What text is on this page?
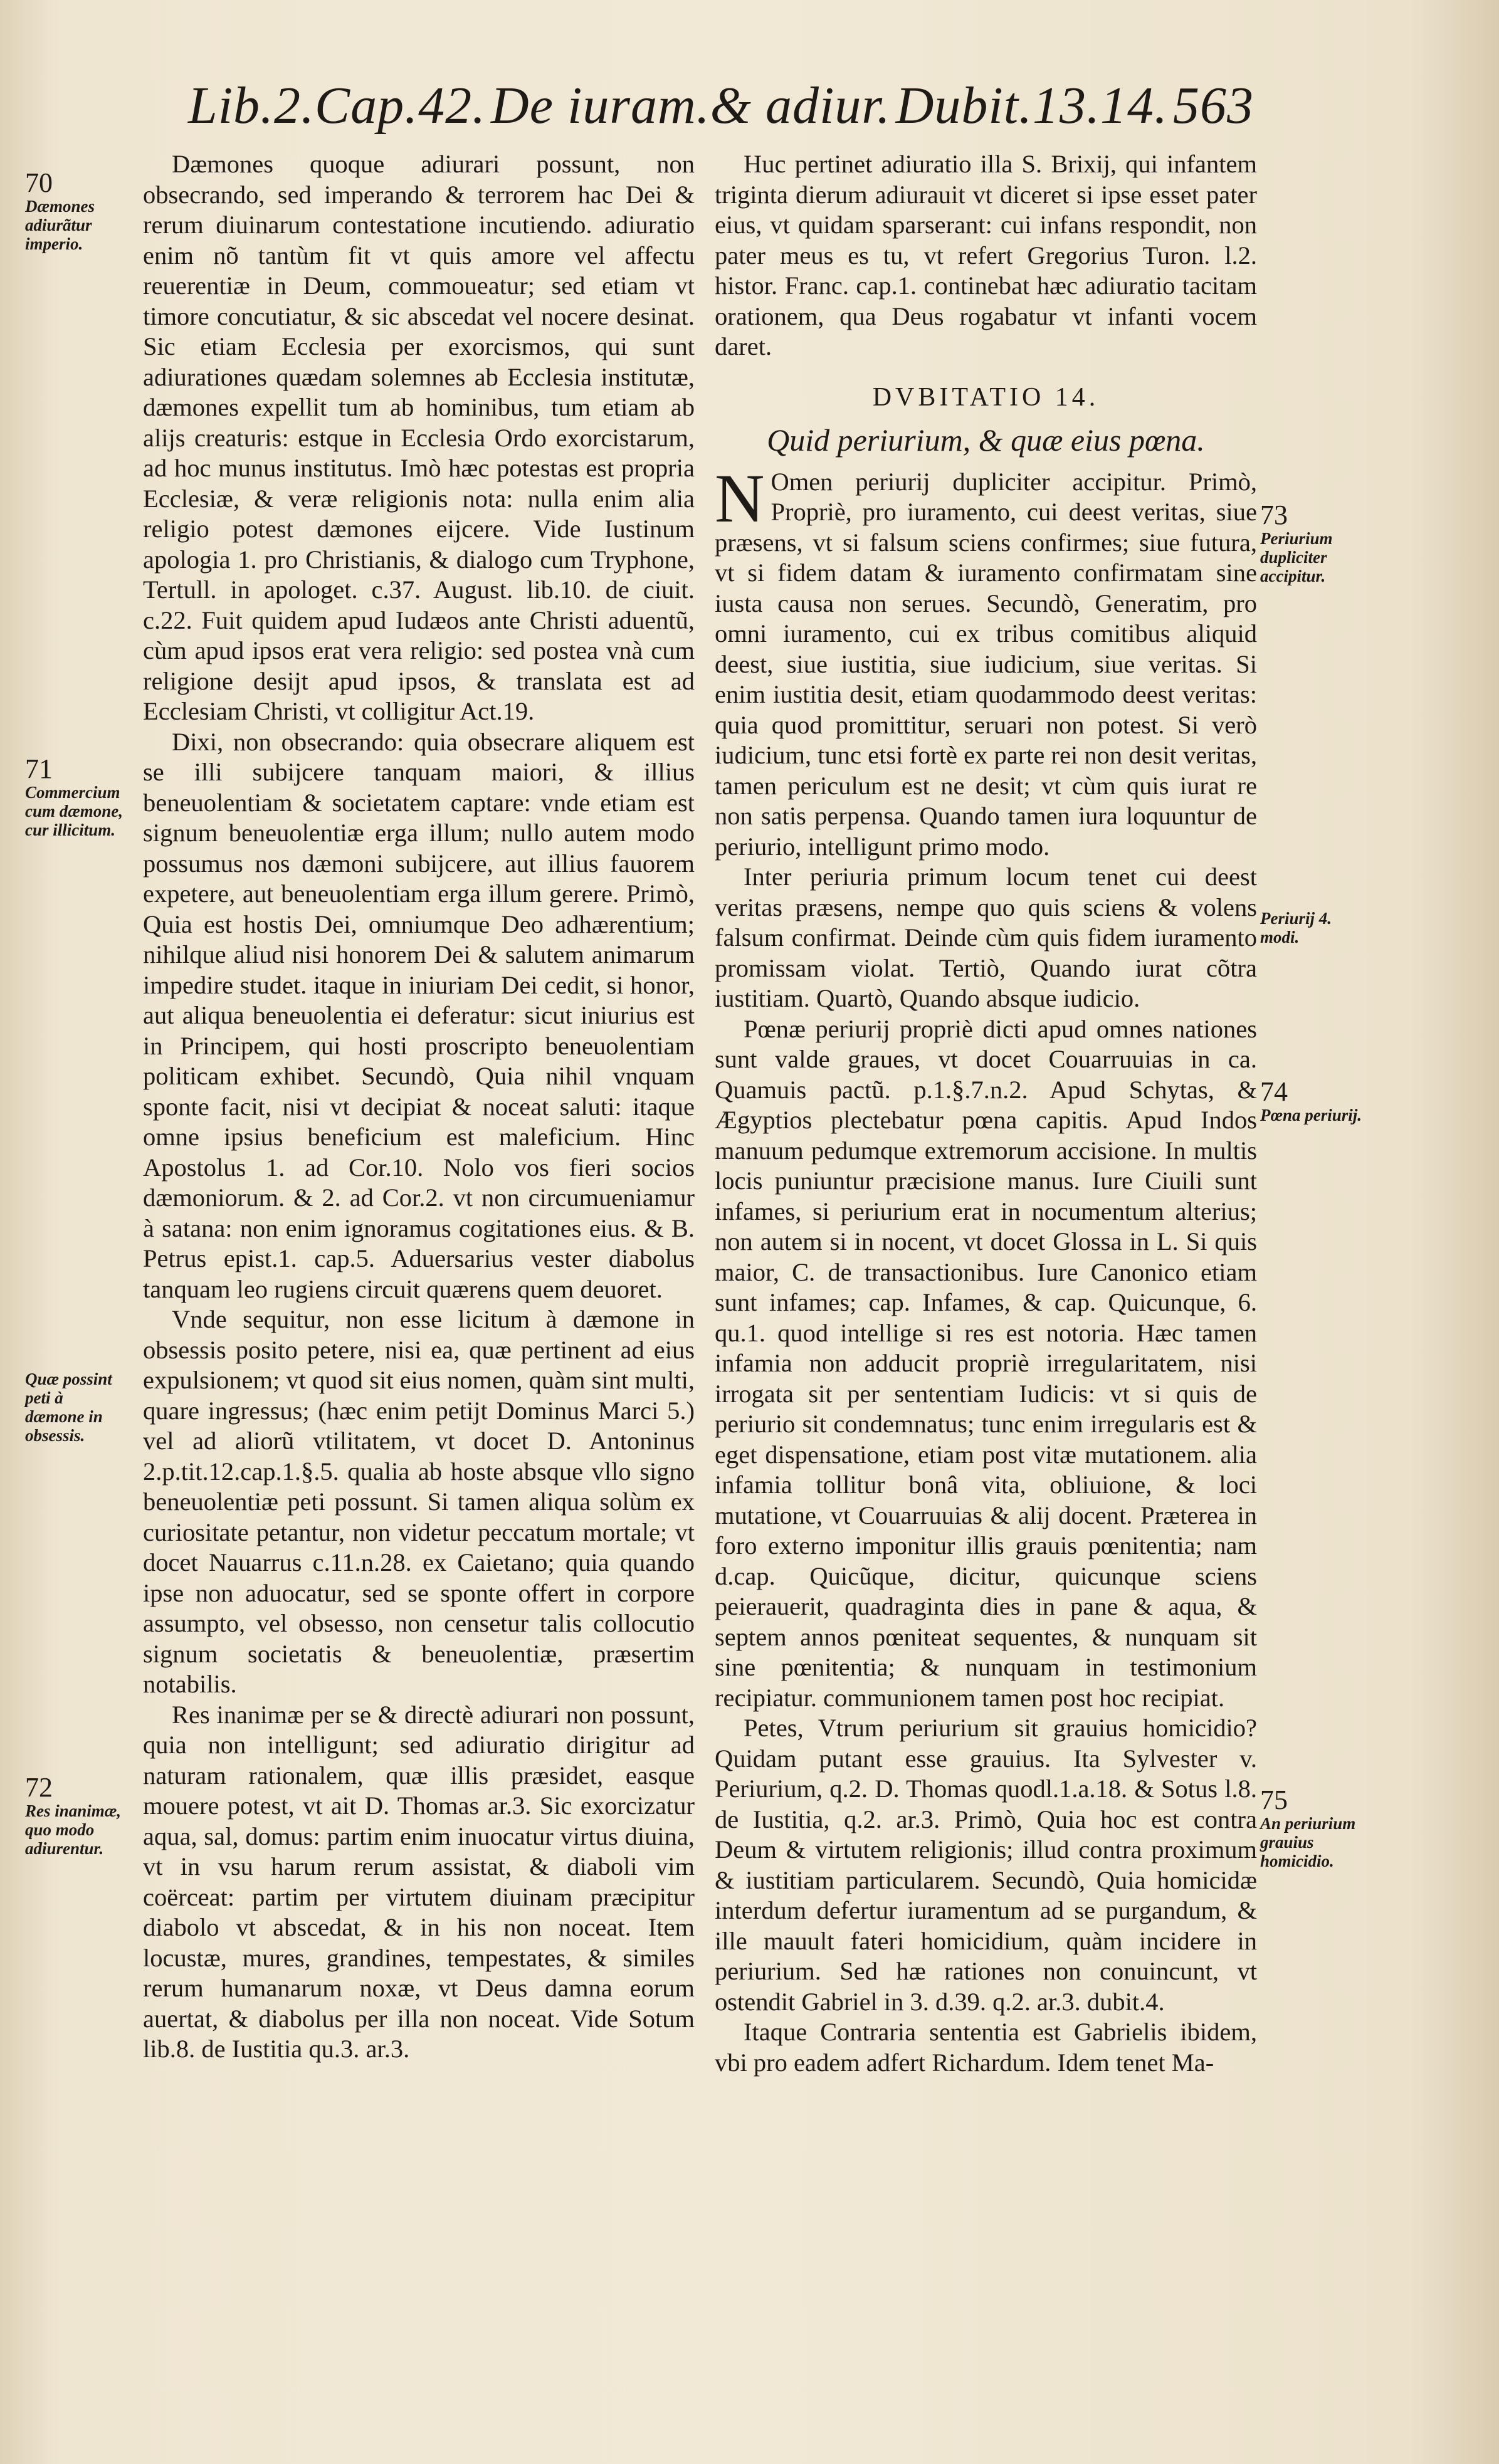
Lib.2.Cap.42. De iuram.& adiur. Dubit.13.14. 563
70
Dæmones adiurãtur imperio.
71
Commercium cum dæmone, cur illicitum.
Quæ possint peti à dæmone in obsessis.
72
Res inanimæ, quo modo adiurentur.
73
Periurium dupliciter accipitur.
Periurij 4. modi.
74
Pœna periurij.
75
An periurium grauius homicidio.

Dæmones quoque adiurari possunt, non obsecrando, sed imperando & terrorem hac Dei & rerum diuinarum contestatione incutiendo. adiuratio enim nõ tantùm fit vt quis amore vel affectu reuerentiæ in Deum, commoueatur; sed etiam vt timore concutiatur, & sic abscedat vel nocere desinat. Sic etiam Ecclesia per exorcismos, qui sunt adiurationes quædam solemnes ab Ecclesia institutæ, dæmones expellit tum ab hominibus, tum etiam ab alijs creaturis: estque in Ecclesia Ordo exorcistarum, ad hoc munus institutus. Imò hæc potestas est propria Ecclesiæ, & veræ religionis nota: nulla enim alia religio potest dæmones eijcere. Vide Iustinum apologia 1. pro Christianis, & dialogo cum Tryphone, Tertull. in apologet. c.37. August. lib.10. de ciuit. c.22. Fuit quidem apud Iudæos ante Christi aduentũ, cùm apud ipsos erat vera religio: sed postea vnà cum religione desijt apud ipsos, & translata est ad Ecclesiam Christi, vt colligitur Act.19.

Dixi, non obsecrando: quia obsecrare aliquem est se illi subijcere tanquam maiori, & illius beneuolentiam & societatem captare: vnde etiam est signum beneuolentiæ erga illum; nullo autem modo possumus nos dæmoni subijcere, aut illius fauorem expetere, aut beneuolentiam erga illum gerere. Primò, Quia est hostis Dei, omniumque Deo adhærentium; nihilque aliud nisi honorem Dei & salutem animarum impedire studet. itaque in iniuriam Dei cedit, si honor, aut aliqua beneuolentia ei deferatur: sicut iniurius est in Principem, qui hosti proscripto beneuolentiam politicam exhibet. Secundò, Quia nihil vnquam sponte facit, nisi vt decipiat & noceat saluti: itaque omne ipsius beneficium est maleficium. Hinc Apostolus 1. ad Cor.10. Nolo vos fieri socios dæmoniorum. & 2. ad Cor.2. vt non circumueniamur à satana: non enim ignoramus cogitationes eius. & B. Petrus epist.1. cap.5. Aduersarius vester diabolus tanquam leo rugiens circuit quærens quem deuoret.

Vnde sequitur, non esse licitum à dæmone in obsessis posito petere, nisi ea, quæ pertinent ad eius expulsionem; vt quod sit eius nomen, quàm sint multi, quare ingressus; (hæc enim petijt Dominus Marci 5.) vel ad aliorũ vtilitatem, vt docet D. Antoninus 2.p.tit.12.cap.1.§.5. qualia ab hoste absque vllo signo beneuolentiæ peti possunt. Si tamen aliqua solùm ex curiositate petantur, non videtur peccatum mortale; vt docet Nauarrus c.11.n.28. ex Caietano; quia quando ipse non aduocatur, sed se sponte offert in corpore assumpto, vel obsesso, non censetur talis collocutio signum societatis & beneuolentiæ, præsertim notabilis.

Res inanimæ per se & directè adiurari non possunt, quia non intelligunt; sed adiuratio dirigitur ad naturam rationalem, quæ illis præsidet, easque mouere potest, vt ait D. Thomas ar.3. Sic exorcizatur aqua, sal, domus: partim enim inuocatur virtus diuina, vt in vsu harum rerum assistat, & diaboli vim coërceat: partim per virtutem diuinam præcipitur diabolo vt abscedat, & in his non noceat. Item locustæ, mures, grandines, tempestates, & similes rerum humanarum noxæ, vt Deus damna eorum auertat, & diabolus per illa non noceat. Vide Sotum lib.8. de Iustitia qu.3. ar.3.

Huc pertinet adiuratio illa S. Brixij, qui infantem triginta dierum adiurauit vt diceret si ipse esset pater eius, vt quidam sparserant: cui infans respondit, non pater meus es tu, vt refert Gregorius Turon. l.2. histor. Franc. cap.1. continebat hæc adiuratio tacitam orationem, qua Deus rogabatur vt infanti vocem daret.

DVBITATIO 14.
Quid periurium, & quæ eius pœna.

N Omen periurij dupliciter accipitur. Primò, Propriè, pro iuramento, cui deest veritas, siue præsens, vt si falsum sciens confirmes; siue futura, vt si fidem datam & iuramento confirmatam sine iusta causa non serues. Secundò, Generatim, pro omni iuramento, cui ex tribus comitibus aliquid deest, siue iustitia, siue iudicium, siue veritas. Si enim iustitia desit, etiam quodammodo deest veritas: quia quod promittitur, seruari non potest. Si verò iudicium, tunc etsi fortè ex parte rei non desit veritas, tamen periculum est ne desit; vt cùm quis iurat re non satis perpensa. Quando tamen iura loquuntur de periurio, intelligunt primo modo.

Inter periuria primum locum tenet cui deest veritas præsens, nempe quo quis sciens & volens falsum confirmat. Deinde cùm quis fidem iuramento promissam violat. Tertiò, Quando iurat cõtra iustitiam. Quartò, Quando absque iudicio.

Pœnæ periurij propriè dicti apud omnes nationes sunt valde graues, vt docet Couarruuias in ca. Quamuis pactũ. p.1.§.7.n.2. Apud Schytas, & Ægyptios plectebatur pœna capitis. Apud Indos manuum pedumque extremorum accisione. In multis locis puniuntur præcisione manus. Iure Ciuili sunt infames, si periurium erat in nocumentum alterius; non autem si in nocent, vt docet Glossa in L. Si quis maior, C. de transactionibus. Iure Canonico etiam sunt infames; cap. Infames, & cap. Quicunque, 6. qu.1. quod intellige si res est notoria. Hæc tamen infamia non adducit propriè irregularitatem, nisi irrogata sit per sententiam Iudicis: vt si quis de periurio sit condemnatus; tunc enim irregularis est & eget dispensatione, etiam post vitæ mutationem. alia infamia tollitur bonâ vita, obliuione, & loci mutatione, vt Couarruuias & alij docent. Præterea in foro externo imponitur illis grauis pœnitentia; nam d.cap. Quicũque, dicitur, quicunque sciens peierauerit, quadraginta dies in pane & aqua, & septem annos pœniteat sequentes, & nunquam sit sine pœnitentia; & nunquam in testimonium recipiatur. communionem tamen post hoc recipiat.

Petes, Vtrum periurium sit grauius homicidio? Quidam putant esse grauius. Ita Sylvester v. Periurium, q.2. D. Thomas quodl.1.a.18. & Sotus l.8. de Iustitia, q.2. ar.3. Primò, Quia hoc est contra Deum & virtutem religionis; illud contra proximum & iustitiam particularem. Secundò, Quia homicidæ interdum defertur iuramentum ad se purgandum, & ille mauult fateri homicidium, quàm incidere in periurium. Sed hæ rationes non conuincunt, vt ostendit Gabriel in 3. d.39. q.2. ar.3. dubit.4.

Itaque Contraria sententia est Gabrielis ibidem, vbi pro eadem adfert Richardum. Idem tenet Ma-
